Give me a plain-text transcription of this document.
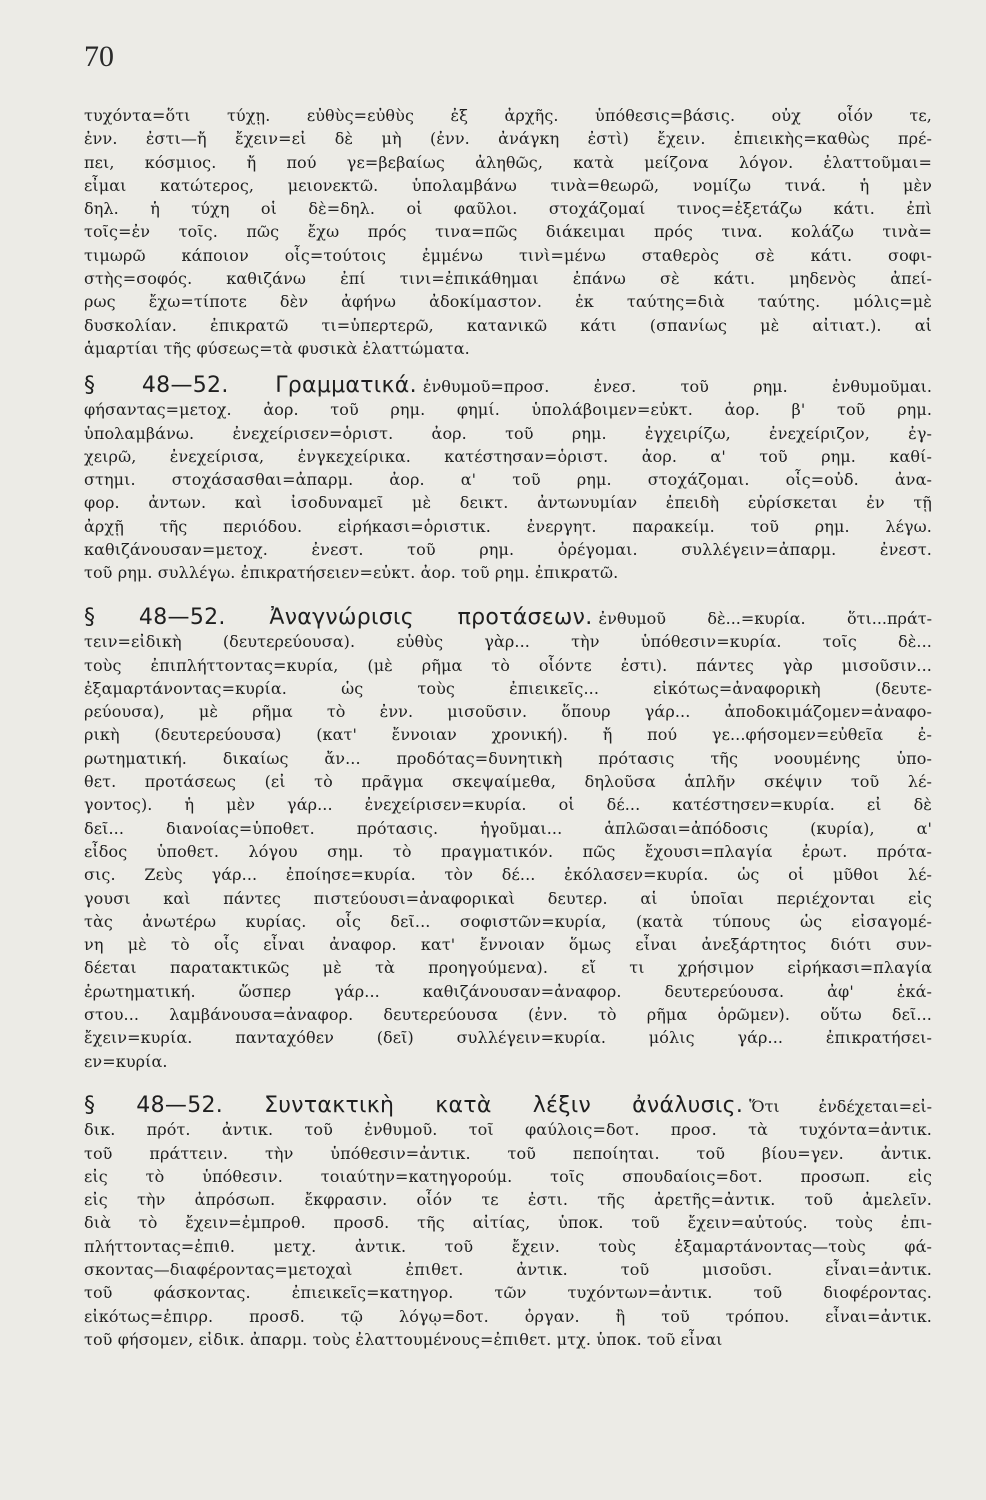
70
τυχόντα=ὅτι τύχῃ. εὐθὺς=εὐθὺς ἐξ ἀρχῆς. ὑπόθεσις=βάσις. οὐχ οἷόν τε,
ἐνν. ἐστι—ἤ ἔχειν=εἰ δὲ μὴ (ἐνν. ἀνάγκη ἐστὶ) ἔχειν. ἐπιεικὴς=καθὼς πρέ-
πει, κόσμιος. ἤ πού γε=βεβαίως ἀληθῶς, κατὰ μείζονα λόγον. ἐλαττοῦμαι=
εἶμαι κατώτερος, μειονεκτῶ. ὑπολαμβάνω τινὰ=θεωρῶ, νομίζω τινά. ἡ μὲν
δηλ. ἡ τύχη οἱ δὲ=δηλ. οἱ φαῦλοι. στοχάζομαί τινος=ἐξετάζω κάτι. ἐπὶ
τοῖς=ἐν τοῖς. πῶς ἔχω πρός τινα=πῶς διάκειμαι πρός τινα. κολάζω τινὰ=
τιμωρῶ κάποιον οἷς=τούτοις ἐμμένω τινὶ=μένω σταθερὸς σὲ κάτι. σοφι-
στὴς=σοφός. καθιζάνω ἐπί τινι=ἐπικάθημαι ἐπάνω σὲ κάτι. μηδενὸς ἀπεί-
ρως ἔχω=τίποτε δὲν ἀφήνω ἀδοκίμαστον. ἐκ ταύτης=διὰ ταύτης. μόλις=μὲ
δυσκολίαν. ἐπικρατῶ τι=ὑπερτερῶ, κατανικῶ κάτι (σπανίως μὲ αἰτιατ.). αἱ
ἁμαρτίαι τῆς φύσεως=τὰ φυσικὰ ἐλαττώματα.
§ 48—52. Γραμματικά. ἐνθυμοῦ=προσ. ἐνεσ. τοῦ ρημ. ἐνθυμοῦμαι.
φήσαντας=μετοχ. ἀορ. τοῦ ρημ. φημί. ὑπολάβοιμεν=εὐκτ. ἀορ. β' τοῦ ρημ.
ὑπολαμβάνω. ἐνεχείρισεν=ὁριστ. ἀορ. τοῦ ρημ. ἐγχειρίζω, ἐνεχείριζον, ἐγ-
χειρῶ, ἐνεχείρισα, ἐνγκεχείρικα. κατέστησαν=ὁριστ. ἀορ. α' τοῦ ρημ. καθί-
στημι. στοχάσασθαι=ἀπαρμ. ἀορ. α' τοῦ ρημ. στοχάζομαι. οἷς=οὐδ. ἀνα-
φορ. ἀντων. καὶ ἰσοδυναμεῖ μὲ δεικτ. ἀντωνυμίαν ἐπειδὴ εὑρίσκεται ἐν τῇ
ἀρχῇ τῆς περιόδου. εἰρήκασι=ὁριστικ. ἐνεργητ. παρακείμ. τοῦ ρημ. λέγω.
καθιζάνουσαν=μετοχ. ἐνεστ. τοῦ ρημ. ὀρέγομαι. συλλέγειν=ἀπαρμ. ἐνεστ.
τοῦ ρημ. συλλέγω. ἐπικρατήσειεν=εὐκτ. ἀορ. τοῦ ρημ. ἐπικρατῶ.
§ 48—52. Ἀναγνώρισις προτάσεων. ἐνθυμοῦ δὲ...=κυρία. ὅτι...πράτ-
τειν=εἰδικὴ (δευτερεύουσα). εὐθὺς γὰρ... τὴν ὑπόθεσιν=κυρία. τοῖς δὲ...
τοὺς ἐπιπλήττοντας=κυρία, (μὲ ρῆμα τὸ οἷόντε ἐστι). πάντες γὰρ μισοῦσιν...
ἐξαμαρτάνοντας=κυρία. ὡς τοὺς ἐπιεικεῖς... εἰκότως=ἀναφορικὴ (δευτε-
ρεύουσα), μὲ ρῆμα τὸ ἐνν. μισοῦσιν. ὅπουρ γάρ... ἀποδοκιμάζομεν=ἀναφο-
ρικὴ (δευτερεύουσα) (κατ' ἔννοιαν χρονική). ἤ πού γε...φήσομεν=εὐθεῖα ἐ-
ρωτηματική. δικαίως ἄν... προδότας=δυνητικὴ πρότασις τῆς νοουμένης ὑπο-
θετ. προτάσεως (εἰ τὸ πρᾶγμα σκεψαίμεθα, δηλοῦσα ἁπλῆν σκέψιν τοῦ λέ-
γοντος). ἡ μὲν γάρ... ἐνεχείρισεν=κυρία. οἱ δέ... κατέστησεν=κυρία. εἰ δὲ
δεῖ... διανοίας=ὑποθετ. πρότασις. ἡγοῦμαι... ἁπλῶσαι=ἀπόδοσις (κυρία), α'
εἶδος ὑποθετ. λόγου σημ. τὸ πραγματικόν. πῶς ἔχουσι=πλαγία ἐρωτ. πρότα-
σις. Ζεὺς γάρ... ἐποίησε=κυρία. τὸν δέ... ἐκόλασεν=κυρία. ὡς οἱ μῦθοι λέ-
γουσι καὶ πάντες πιστεύουσι=ἀναφορικαὶ δευτερ. αἱ ὑποῖαι περιέχονται εἰς
τὰς ἀνωτέρω κυρίας. οἷς δεῖ... σοφιστῶν=κυρία, (κατὰ τύπους ὡς εἰσαγομέ-
νη μὲ τὸ οἷς εἶναι ἀναφορ. κατ' ἔννοιαν ὅμως εἶναι ἀνεξάρτητος διότι συν-
δέεται παρατακτικῶς μὲ τὰ προηγούμενα). εἴ τι χρήσιμον εἰρήκασι=πλαγία
ἐρωτηματική. ὥσπερ γάρ... καθιζάνουσαν=ἀναφορ. δευτερεύουσα. ἀφ' ἑκά-
στου... λαμβάνουσα=ἀναφορ. δευτερεύουσα (ἐνν. τὸ ρῆμα ὁρῶμεν). οὕτω δεῖ...
ἔχειν=κυρία. πανταχόθεν (δεῖ) συλλέγειν=κυρία. μόλις γάρ... ἐπικρατήσει-
εν=κυρία.
§ 48—52. Συντακτικὴ κατὰ λέξιν ἀνάλυσις. Ὅτι ἐνδέχεται=εἰ-
δικ. πρότ. ἀντικ. τοῦ ἐνθυμοῦ. τοῖ φαύλοις=δοτ. προσ. τὰ τυχόντα=ἀντικ.
τοῦ πράττειν. τὴν ὑπόθεσιν=ἀντικ. τοῦ πεποίηται. τοῦ βίου=γεν. ἀντικ.
εἰς τὸ ὑπόθεσιν. τοιαύτην=κατηγορούμ. τοῖς σπουδαίοις=δοτ. προσωπ. εἰς
εἰς τὴν ἀπρόσωπ. ἔκφρασιν. οἷόν τε ἐστι. τῆς ἀρετῆς=ἀντικ. τοῦ ἀμελεῖν.
διὰ τὸ ἔχειν=ἐμπροθ. προσδ. τῆς αἰτίας, ὑποκ. τοῦ ἔχειν=αὐτούς. τοὺς ἐπι-
πλήττοντας=ἐπιθ. μετχ. ἀντικ. τοῦ ἔχειν. τοὺς ἐξαμαρτάνοντας—τοὺς φά-
σκοντας—διαφέροντας=μετοχαὶ ἐπιθετ. ἀντικ. τοῦ μισοῦσι. εἶναι=ἀντικ.
τοῦ φάσκοντας. ἐπιεικεῖς=κατηγορ. τῶν τυχόντων=ἀντικ. τοῦ διοφέροντας.
εἰκότως=ἐπιρρ. προσδ. τῷ λόγῳ=δοτ. ὀργαν. ἢ τοῦ τρόπου. εἶναι=ἀντικ.
τοῦ φήσομεν, εἰδικ. ἀπαρμ. τοὺς ἐλαττουμένους=ἐπιθετ. μτχ. ὑποκ. τοῦ εἶναι
